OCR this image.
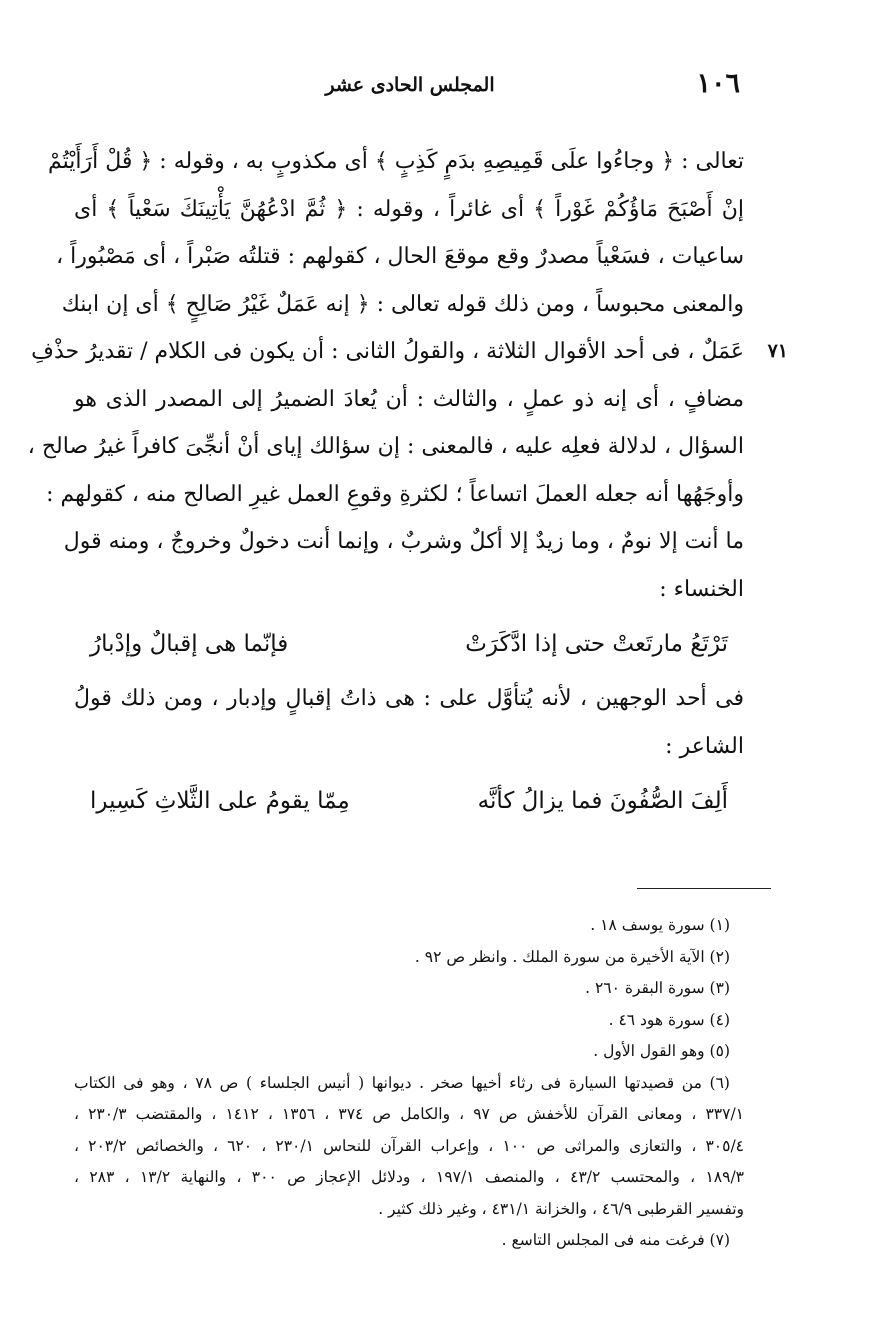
١٠٦
المجلس الحادى عشر
تعالى : ﴿ وجاءُوا علَى قَمِيصِهِ بدَمٍ كَذِبٍ ﴾ أى مكذوبٍ به ، وقوله : ﴿ قُلْ أَرَأَيْتُمْ
إنْ أَصْبَحَ مَاؤُكُمْ غَوْراً ﴾ أى غائراً ، وقوله : ﴿ ثُمَّ ادْعُهُنَّ يَأْتِينَكَ سَعْياً ﴾ أى
ساعيات ، فسَعْياً مصدرٌ وقع موقعَ الحال ، كقولهم : قتلتُه صَبْراً ، أى مَصْبُوراً ،
والمعنى محبوساً ، ومن ذلك قوله تعالى : ﴿ إنه عَمَلٌ غَيْرُ صَالِحٍ ﴾ أى إن ابنك
عَمَلٌ ، فى أحد الأقوال الثلاثة ، والقولُ الثانى : أن يكون فى الكلام / تقديرُ حذْفِ ٧١
مضافٍ ، أى إنه ذو عملٍ ، والثالث : أن يُعادَ الضميرُ إلى المصدر الذى هو
السؤال ، لدلالة فعلِه عليه ، فالمعنى : إن سؤالك إياى أنْ أنجِّىَ كافراً غيرُ صالح ،
وأوجَهُها أنه جعله العملَ اتساعاً ؛ لكثرةِ وقوعِ العمل غيرِ الصالح منه ، كقولهم :
ما أنت إلا نومٌ ، وما زيدٌ إلا أكلٌ وشربٌ ، وإنما أنت دخولٌ وخروجٌ ، ومنه قول
الخنساء :
تَرْتَعُ مارتَعتْ حتى إذا ادَّكَرَتْ
فإنّما هى إقبالٌ وإدْبارُ
فى أحد الوجهين ، لأنه يُتأوَّل على : هى ذاتُ إقبالٍ وإدبار ، ومن ذلك قولُ
الشاعر :
أَلِفَ الصُّفُونَ فما يزالُ كأنَّه
مِمّا يقومُ على الثَّلاثِ كَسِيرا
(١) سورة يوسف ١٨ .
(٢) الآية الأخيرة من سورة الملك . وانظر ص ٩٢ .
(٣) سورة البقرة ٢٦٠ .
(٤) سورة هود ٤٦ .
(٥) وهو القول الأول .
(٦) من قصيدتها السيارة فى رثاء أخيها صخر . ديوانها ( أنيس الجلساء ) ص ٧٨ ، وهو فى الكتاب
٣٣٧/١ ، ومعانى القرآن للأخفش ص ٩٧ ، والكامل ص ٣٧٤ ، ١٣٥٦ ، ١٤١٢ ، والمقتضب ٢٣٠/٣ ،
٣٠٥/٤ ، والتعازى والمراثى ص ١٠٠ ، وإعراب القرآن للنحاس ٢٣٠/١ ، ٦٢٠ ، والخصائص ٢٠٣/٢ ،
١٨٩/٣ ، والمحتسب ٤٣/٢ ، والمنصف ١٩٧/١ ، ودلائل الإعجاز ص ٣٠٠ ، والنهاية ١٣/٢ ، ٢٨٣ ،
وتفسير القرطبى ٤٦/٩ ، والخزانة ٤٣١/١ ، وغير ذلك كثير .
(٧) فرغت منه فى المجلس التاسع .
